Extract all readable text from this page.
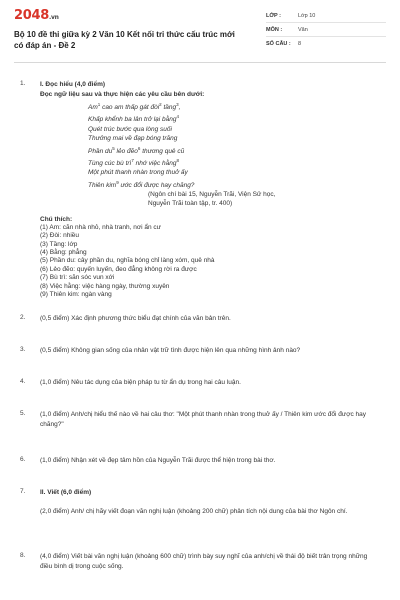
2048.vn
Bộ 10 đề thi giữa kỳ 2 Văn 10 Kết nối tri thức cấu trúc mới có đáp án - Đề 2
LỚP :	Lớp 10
MÔN :	Văn
SỐ CÂU :	8
1.	I. Đọc hiểu (4,0 điểm)
Đọc ngữ liệu sau và thực hiện các yêu cầu bên dưới:
Am$^1$ cao am thấp gát đòi$^2$ tầng$^3$,
Khấp khểnh ba lân trở lại bằng$^4$
Quét trúc bước qua lòng suối
Thưởng mai về đạp bóng trăng
Phần $du^5$ lẻo đẽo$^6$ thương quê cũ
Tùng cúc bù trì$^7$ nhớ việc hằng$^8$
Một phút thanh nhàn trong thuở ấy
Thiên kim$^9$ ước đổi được hay chăng?
(Ngôn chí bài 15, Nguyễn Trãi, Viện Sử học,
Nguyễn Trãi toàn tập, tr. 400)
Chú thích:
(1) Am: căn nhà nhỏ, nhà tranh, nơi ẩn cư
(2) Đòi: nhiều
(3) Tầng: lớp
(4) Bằng: phẳng
(5) Phần du: cây phần du, nghĩa bóng chỉ làng xóm, quê nhà
(6) Lẻo đẽo: quyến luyến, đeo đẳng không rời ra được
(7) Bù trì: săn sóc vun xới
(8) Việc hằng: việc hàng ngày, thường xuyên
(9) Thiên kim: ngàn vàng
2.	(0,5 điểm) Xác định phương thức biểu đạt chính của văn bản trên.
3.	(0,5 điểm) Không gian sống của nhân vật trữ tình được hiện lên qua những hình ảnh nào?
4.	(1,0 điểm) Nêu tác dụng của biện pháp tu từ ẩn dụ trong hai câu luận.
5.	(1,0 điểm) Anh/chị hiểu thế nào về hai câu thơ: "Một phút thanh nhàn trong thuở ấy / Thiên kim ước đổi được hay chăng?"
6.	(1,0 điểm) Nhận xét về đẹp tâm hồn của Nguyễn Trãi được thể hiện trong bài thơ.
7.	II. Viết (6,0 điểm)
(2,0 điểm) Anh/ chị hãy viết đoạn văn nghị luận (khoảng 200 chữ) phân tích nội dung của bài thơ Ngôn chí.
8.	(4,0 điểm) Viết bài văn nghị luận (khoảng 600 chữ) trình bày suy nghĩ của anh/chị về thái độ biết trân trọng những điều bình dị trong cuộc sống.
